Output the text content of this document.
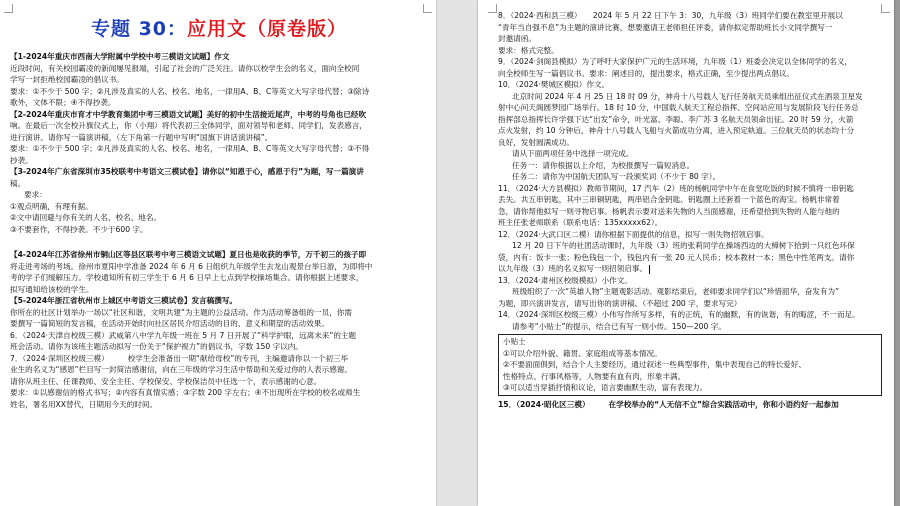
专题 30：应用文（原卷版）

【1-2024年重庆市西南大学附属中学校中考三模语文试题】作文

近段时间，有关校园霸凌的新闻屡见报端，引起了社会的广泛关注。请你以校学生会的名义，面向全校同

学写一封拒绝校园霸凌的倡议书。

要求：①不少于 500 字；②凡涉及真实的人名、校名、地名，一律用A、B、C等英文大写字母代替；③除诗

歌外，文体不限；④不得抄袭。

【2-2024年重庆市育才中学教育集团中考三模语文试题】美好的初中生活接近尾声，中考的号角也已经吹

响。在最后一次全校升旗仪式上，你（小翔）将代表初三全体同学，面对领导和老师、同学们，发表感言，

进行演讲。请你写一篇演讲稿，（左下角第一行题中写明“国旗下讲话演讲稿”。

要求：①不少于 500 字；②凡涉及真实的人名、校名、地名，一律用A、B、C等英文大写字母代替；③不得

抄袭。

【3-2024年广东省深圳市35校联考中考语文三模试卷】请你以“知恩于心，感恩于行”为题，写一篇演讲

稿。

要求：

①观点明确，有理有据。

②文中请回避与你有关的人名、校名、地名。

③不要套作，不得抄袭。不少于600 字。

【4-2024年江苏省徐州市铜山区等县区联考中考三模语文试题】夏日也是收获的季节，万千初三的孩子即

将走进考场的考场。徐州市夏阳中学准备 2024 年 6 月 6 日组织九年级学生去龙山观景台举日游，为即将中

考的学子们缓解压力。学校通知所有初三学生于 6 月 6 日早上七点到学校操场集合。请你根据上述要求，

拟写通知给该校的学生。

【5-2024年浙江省杭州市上城区中考语文三模试卷】发言稿撰写。

你所在的社区计划举办一场以“社区和谐，文明共建”为主题的公益活动。作为活动筹备组的一员，你需

要撰写一篇简短的发言稿，在活动开始时向社区居民介绍活动的目的、意义和期望的活动效果。

6．（2024·天津自校级三模）武威第八中学九年级一班在 5 月 7 日开展了“科学护眼，远离未来”的主题

班会活动。请你为该班主题活动拟写一份关于“保护视力”的倡议书，字数 150 字以内。

7．（2024·深圳区校级三模）　　　校学生会准备出一期“献给母校”的专刊，主编邀请你以一个初三毕

业生的名义为“感恩”栏目写一封简洁感谢信，向在三年级的学习生活中帮助和关爱过你的人表示感谢。

请你从班主任、任课教师、安全主任、学校保安、学校保洁员中任选一个，表示感谢的心意。

要求：①以感谢信的格式书写；②内容有真情实感；③字数 200 字左右；④不出现所在学校的校名或师生

姓名，署名用XX替代，日期用今天的时间。

8．（2024·西和县三模）　　2024 年 5 月 22 日下午 3：30，九年级（3）班同学们要在教室里开展以

“青年当自强不息”为主题的演讲比赛，想要邀请王老师担任评委，请你拟定帮助班长小文同学撰写一

封邀请函。

要求：格式完整。

9．（2024·剑阁县模拟）为了呼吁大家保护广元的生活环境，九年级（1）班委会决定以全体同学的名义，

向全校师生写一篇倡议书。要求：阐述目的，提出要求，格式正确，至少提出两点倡议。

10．（2024·樊城区模拟）作文。

北京时间 2024 年 4 月 25 日 18 时 09 分，神舟十八号载人飞行任务航天员乘组出征仪式在酒泉卫星发

射中心问天阁圆梦园广场举行。18 时 10 分，中国载人航天工程总指挥、空间站应用与发展阶段飞行任务总

指挥部总指挥长许学强下达“出发”命令，叶光富、李聪、李广苏 3 名航天员领命出征。20 时 59 分，火箭

点火发射，约 10 分钟后，神舟十八号载人飞船与火箭成功分离，进入预定轨道。三位航天员的状态均十分

良好，发射圆满成功。

请从下面两项任务中选择一项完成。

任务一：请你根据以上介绍，为校报撰写一篇短消息。

任务二：请你为中国航天团队写一段颁奖词（不少于 80 字）。

11．（2024·大方县模拟）教师节期间，17 汽车（2）班的杨帆同学中午在食堂吃饭的时候不慎将一串钥匙

丢失。共五串钥匙，其中三串铜钥匙，两串铝合金钥匙。钥匙圈上还套着一个蓝色的海宝。杨帆非常着

急，请你帮他拟写一则寻物启事。杨帆表示要对送来失物的人当面感谢，还希望拾到失物的人能与他的

班主任张老师联系（联系电话：135xxxxx62）。

12．（2024·大武口区二模）请你根据下面提供的信息，拟写一则失物招领启事。

12 月 20 日下午的社团活动课时，九年级（3）班的张莉同学在操场西边的大樟树下拾到一只红色环保

袋，内有：饭卡一张；粉色钱包一个，钱包内有一张 20 元人民币；校本教材一本；黑色中性笔两支。请你

以九年级（3）班的名义拟写一则招领启事。

13．（2024·肃州区校级模拟）小作文。

班级组织了一次“英雄人物”主题观影活动。观影结束后，老师要求同学们以“珍惜韶华，奋发有为”

为题，即兴演讲发言，请写出你的演讲稿。（不超过 200 字，要求写完）

14．（2024·深圳区校级三模）小伟写作所写多样，有的正统，有的幽默，有的诙谐，有的晦涩，不一而足。

请参考“小贴士”的提示，结合已有写一则小传。150—200 字。

小贴士

①可以介绍外貌、籍贯、家庭组成等基本情况。

②不要面面俱到，结合个人主要经历，通过叙述一些典型事件，集中表现自己的特长爱好、

性格特点、行事风格等，人物要有血有肉，形象丰满。

③可以适当穿插抒情和议论，语言要幽默生动，富有表现力。

15．（2024·昭化区三模）　　　在学校举办的“人无信不立”综合实践活动中，你和小语约好一起参加
